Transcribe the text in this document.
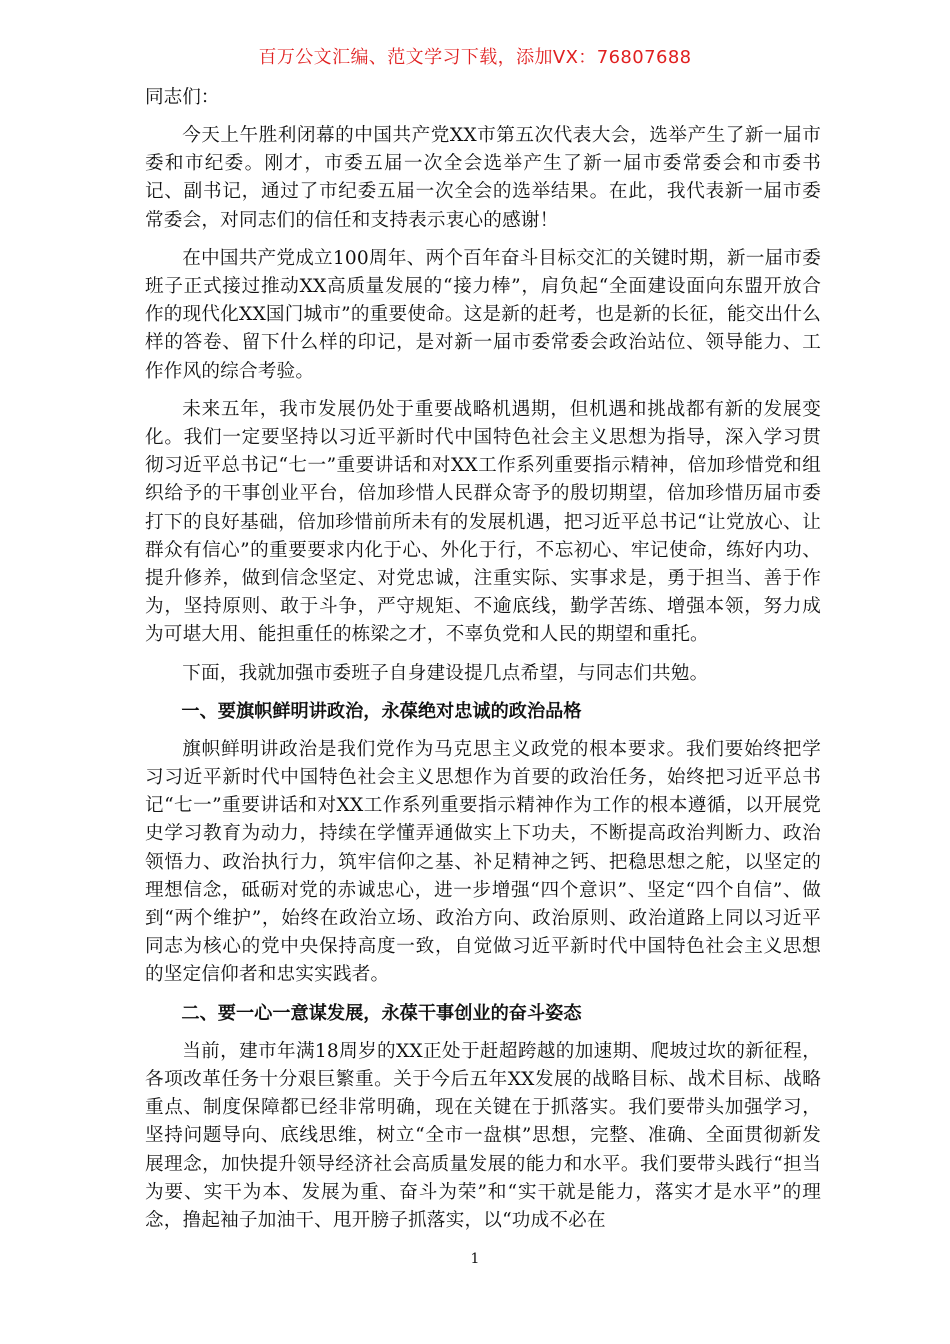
百万公文汇编、范文学习下载，添加VX：76807688
同志们：

今天上午胜利闭幕的中国共产党XX市第五次代表大会，选举产生了新一届市委和市纪委。刚才，市委五届一次全会选举产生了新一届市委常委会和市委书记、副书记，通过了市纪委五届一次全会的选举结果。在此，我代表新一届市委常委会，对同志们的信任和支持表示衷心的感谢！

在中国共产党成立100周年、两个百年奋斗目标交汇的关键时期，新一届市委班子正式接过推动XX高质量发展的“接力棒”，肩负起“全面建设面向东盟开放合作的现代化XX国门城市”的重要使命。这是新的赶考，也是新的长征，能交出什么样的答卷、留下什么样的印记，是对新一届市委常委会政治站位、领导能力、工作作风的综合考验。

未来五年，我市发展仍处于重要战略机遇期，但机遇和挑战都有新的发展变化。我们一定要坚持以习近平新时代中国特色社会主义思想为指导，深入学习贯彻习近平总书记“七一”重要讲话和对XX工作系列重要指示精神，倍加珍惜党和组织给予的干事创业平台，倍加珍惜人民群众寄予的殷切期望，倍加珍惜历届市委打下的良好基础，倍加珍惜前所未有的发展机遇，把习近平总书记“让党放心、让群众有信心”的重要要求内化于心、外化于行，不忘初心、牢记使命，练好内功、提升修养，做到信念坚定、对党忠诚，注重实际、实事求是，勇于担当、善于作为，坚持原则、敢于斗争，严守规矩、不逾底线，勤学苦练、增强本领，努力成为可堪大用、能担重任的栋梁之才，不辜负党和人民的期望和重托。

下面，我就加强市委班子自身建设提几点希望，与同志们共勉。

一、要旗帜鲜明讲政治，永葆绝对忠诚的政治品格

旗帜鲜明讲政治是我们党作为马克思主义政党的根本要求。我们要始终把学习习近平新时代中国特色社会主义思想作为首要的政治任务，始终把习近平总书记“七一”重要讲话和对XX工作系列重要指示精神作为工作的根本遵循，以开展党史学习教育为动力，持续在学懂弄通做实上下功夫，不断提高政治判断力、政治领悟力、政治执行力，筑牢信仰之基、补足精神之钙、把稳思想之舵，以坚定的理想信念，砥砺对党的赤诚忠心，进一步增强“四个意识”、坚定“四个自信”、做到“两个维护”，始终在政治立场、政治方向、政治原则、政治道路上同以习近平同志为核心的党中央保持高度一致，自觉做习近平新时代中国特色社会主义思想的坚定信仰者和忠实实践者。

二、要一心一意谋发展，永葆干事创业的奋斗姿态

当前，建市年满18周岁的XX正处于赶超跨越的加速期、爬坡过坎的新征程，各项改革任务十分艰巨繁重。关于今后五年XX发展的战略目标、战术目标、战略重点、制度保障都已经非常明确，现在关键在于抓落实。我们要带头加强学习，坚持问题导向、底线思维，树立“全市一盘棋”思想，完整、准确、全面贯彻新发展理念，加快提升领导经济社会高质量发展的能力和水平。我们要带头践行“担当为要、实干为本、发展为重、奋斗为荣”和“实干就是能力，落实才是水平”的理念，撸起袖子加油干、甩开膀子抓落实，以“功成不必在

1
